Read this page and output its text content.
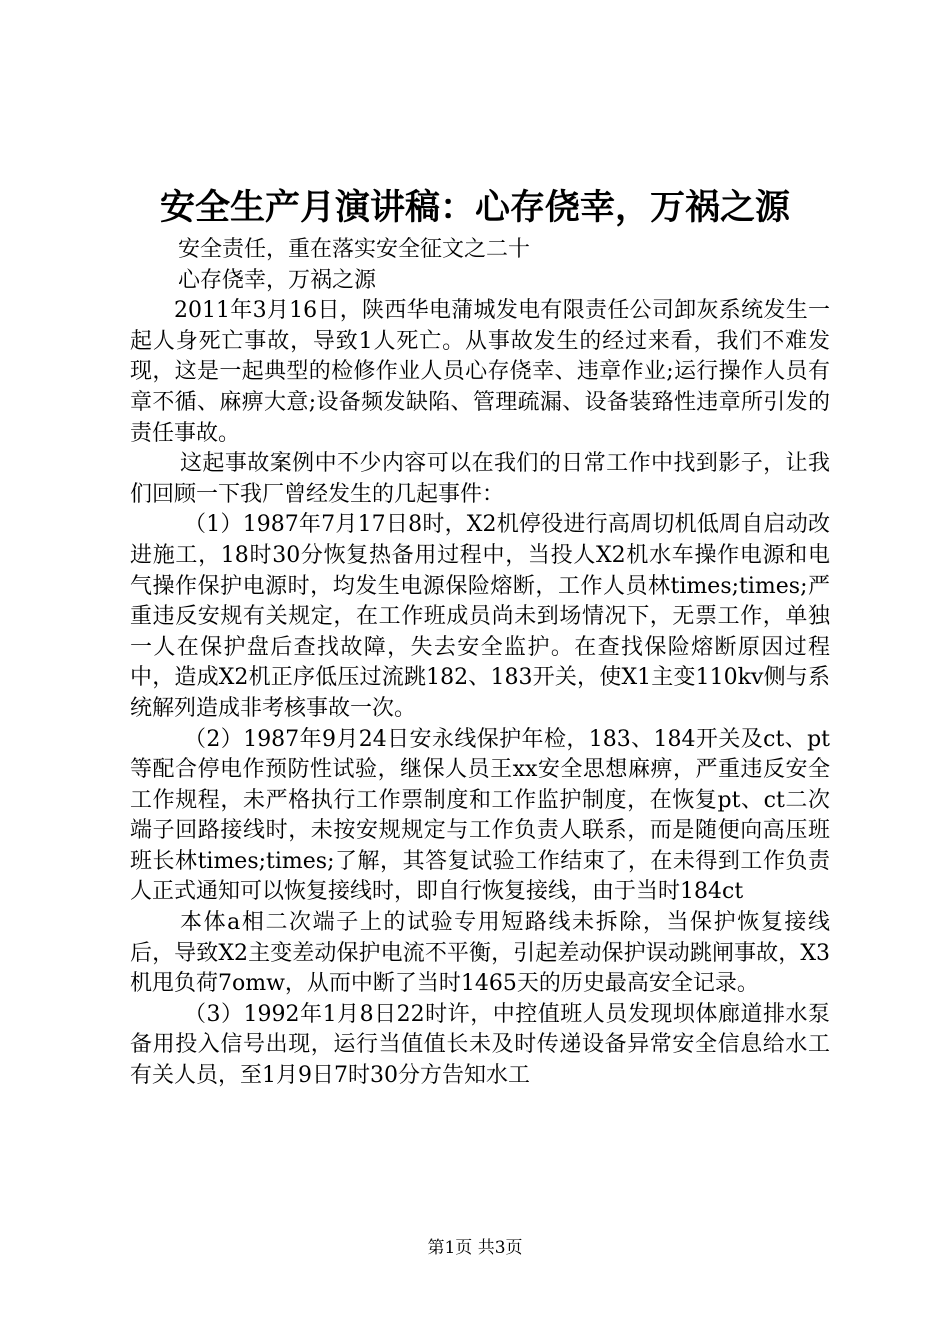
安全生产月演讲稿：心存侥幸，万祸之源

安全责任，重在落实安全征文之二十

心存侥幸，万祸之源

2011年3月16日，陕西华电蒲城发电有限责任公司卸灰系统发生一起人身死亡事故，导致1人死亡。从事故发生的经过来看，我们不难发现，这是一起典型的检修作业人员心存侥幸、违章作业;运行操作人员有章不循、麻痹大意;设备频发缺陷、管理疏漏、设备装臵性违章所引发的责任事故。

这起事故案例中不少内容可以在我们的日常工作中找到影子，让我们回顾一下我厂曾经发生的几起事件：

（1）1987年7月17日8时，X2机停役进行高周切机低周自启动改进施工，18时30分恢复热备用过程中，当投人X2机水车操作电源和电气操作保护电源时，均发生电源保险熔断，工作人员林times;times;严重违反安规有关规定，在工作班成员尚未到场情况下，无票工作，单独一人在保护盘后查找故障，失去安全监护。在查找保险熔断原因过程中，造成X2机正序低压过流跳182、183开关，使X1主变110kv侧与系统解列造成非考核事故一次。

（2）1987年9月24日安永线保护年检，183、184开关及ct、pt等配合停电作预防性试验，继保人员王xx安全思想麻痹，严重违反安全工作规程，未严格执行工作票制度和工作监护制度，在恢复pt、ct二次端子回路接线时，未按安规规定与工作负责人联系，而是随便向高压班班长林times;times;了解，其答复试验工作结束了，在未得到工作负责人正式通知可以恢复接线时，即自行恢复接线，由于当时184ct

本体a相二次端子上的试验专用短路线未拆除，当保护恢复接线后，导致X2主变差动保护电流不平衡，引起差动保护误动跳闸事故，X3机甩负荷7omw，从而中断了当时1465天的历史最高安全记录。

（3）1992年1月8日22时许，中控值班人员发现坝体廊道排水泵备用投入信号出现，运行当值值长未及时传递设备异常安全信息给水工有关人员，至1月9日7时30分方告知水工

第1页 共3页
